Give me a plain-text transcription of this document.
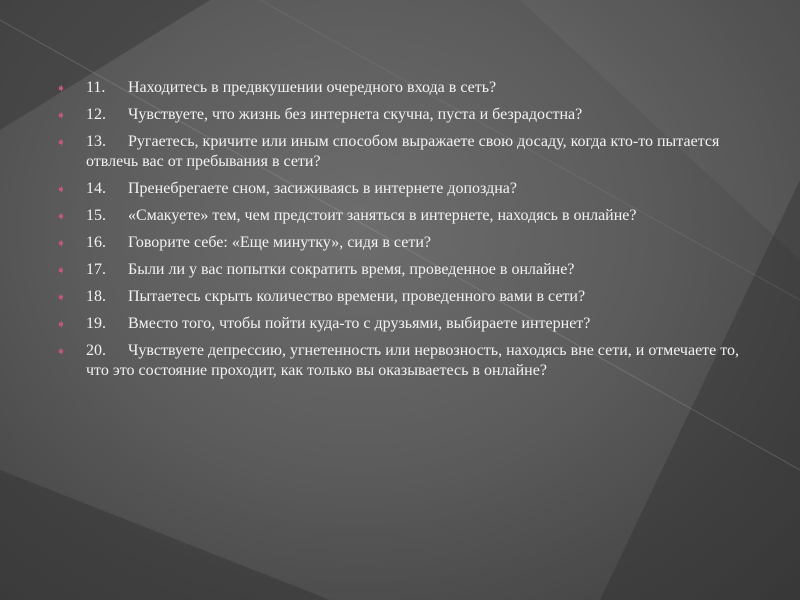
➧ 11. Находитесь в предвкушении очередного входа в сеть?
➧ 12. Чувствуете, что жизнь без интернета скучна, пуста и безрадостна?
➧ 13. Ругаетесь, кричите или иным способом выражаете свою досаду, когда кто-то пытается отвлечь вас от пребывания в сети?
➧ 14. Пренебрегаете сном, засиживаясь в интернете допоздна?
➧ 15. «Смакуете» тем, чем предстоит заняться в интернете, находясь в онлайне?
➧ 16. Говорите себе: «Еще минутку», сидя в сети?
➧ 17. Были ли у вас попытки сократить время, проведенное в онлайне?
➧ 18. Пытаетесь скрыть количество времени, проведенного вами в сети?
➧ 19. Вместо того, чтобы пойти куда-то с друзьями, выбираете интернет?
➧ 20. Чувствуете депрессию, угнетенность или нервозность, находясь вне сети, и отмечаете то, что это состояние проходит, как только вы оказываетесь в онлайне?
